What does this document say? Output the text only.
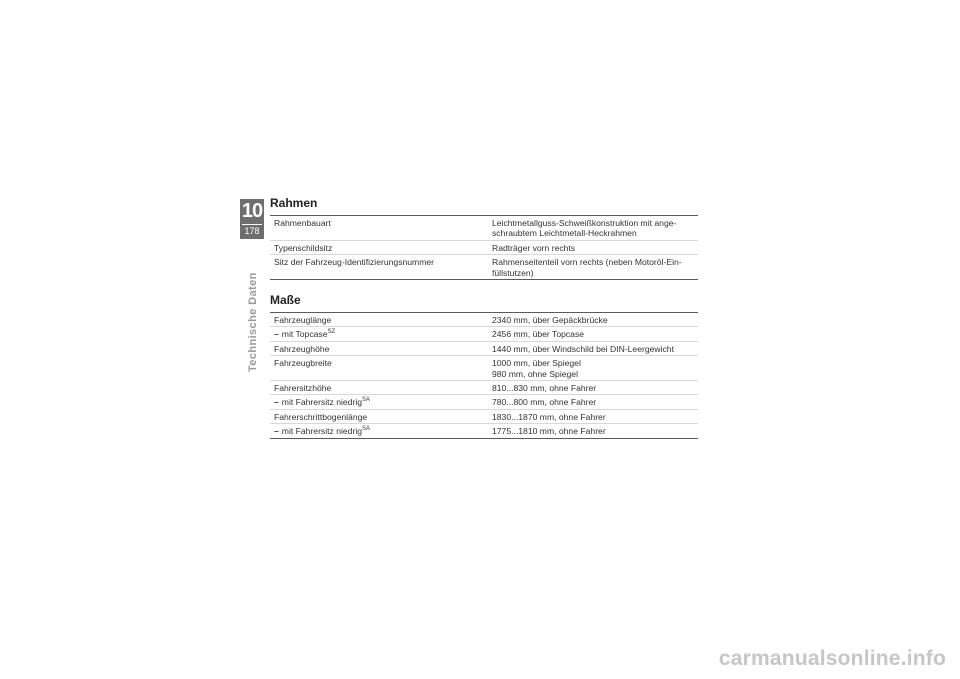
10
178
Technische Daten
Rahmen
Rahmenbauart	Leichtmetallguss-Schweißkonstruktion mit ange-
schraubtem Leichtmetall-Heckrahmen

Typenschildsitz	Radträger vorn rechts

Sitz der Fahrzeug-Identifizierungsnummer	Rahmenseitenteil vorn rechts (neben Motoröl-Ein-
füllstutzen)
Maße
Fahrzeuglänge	2340 mm, über Gepäckbrücke

– mit Topcase$^{SZ}$	2456 mm, über Topcase

Fahrzeughöhe	1440 mm, über Windschild bei DIN-Leergewicht

Fahrzeugbreite	1000 mm, über Spiegel
980 mm, ohne Spiegel

Fahrersitzhöhe	810...830 mm, ohne Fahrer

– mit Fahrersitz niedrig$^{SA}$	780...800 mm, ohne Fahrer

Fahrerschrittbogenlänge	1830...1870 mm, ohne Fahrer

– mit Fahrersitz niedrig$^{SA}$	1775...1810 mm, ohne Fahrer
carmanualsonline.info
